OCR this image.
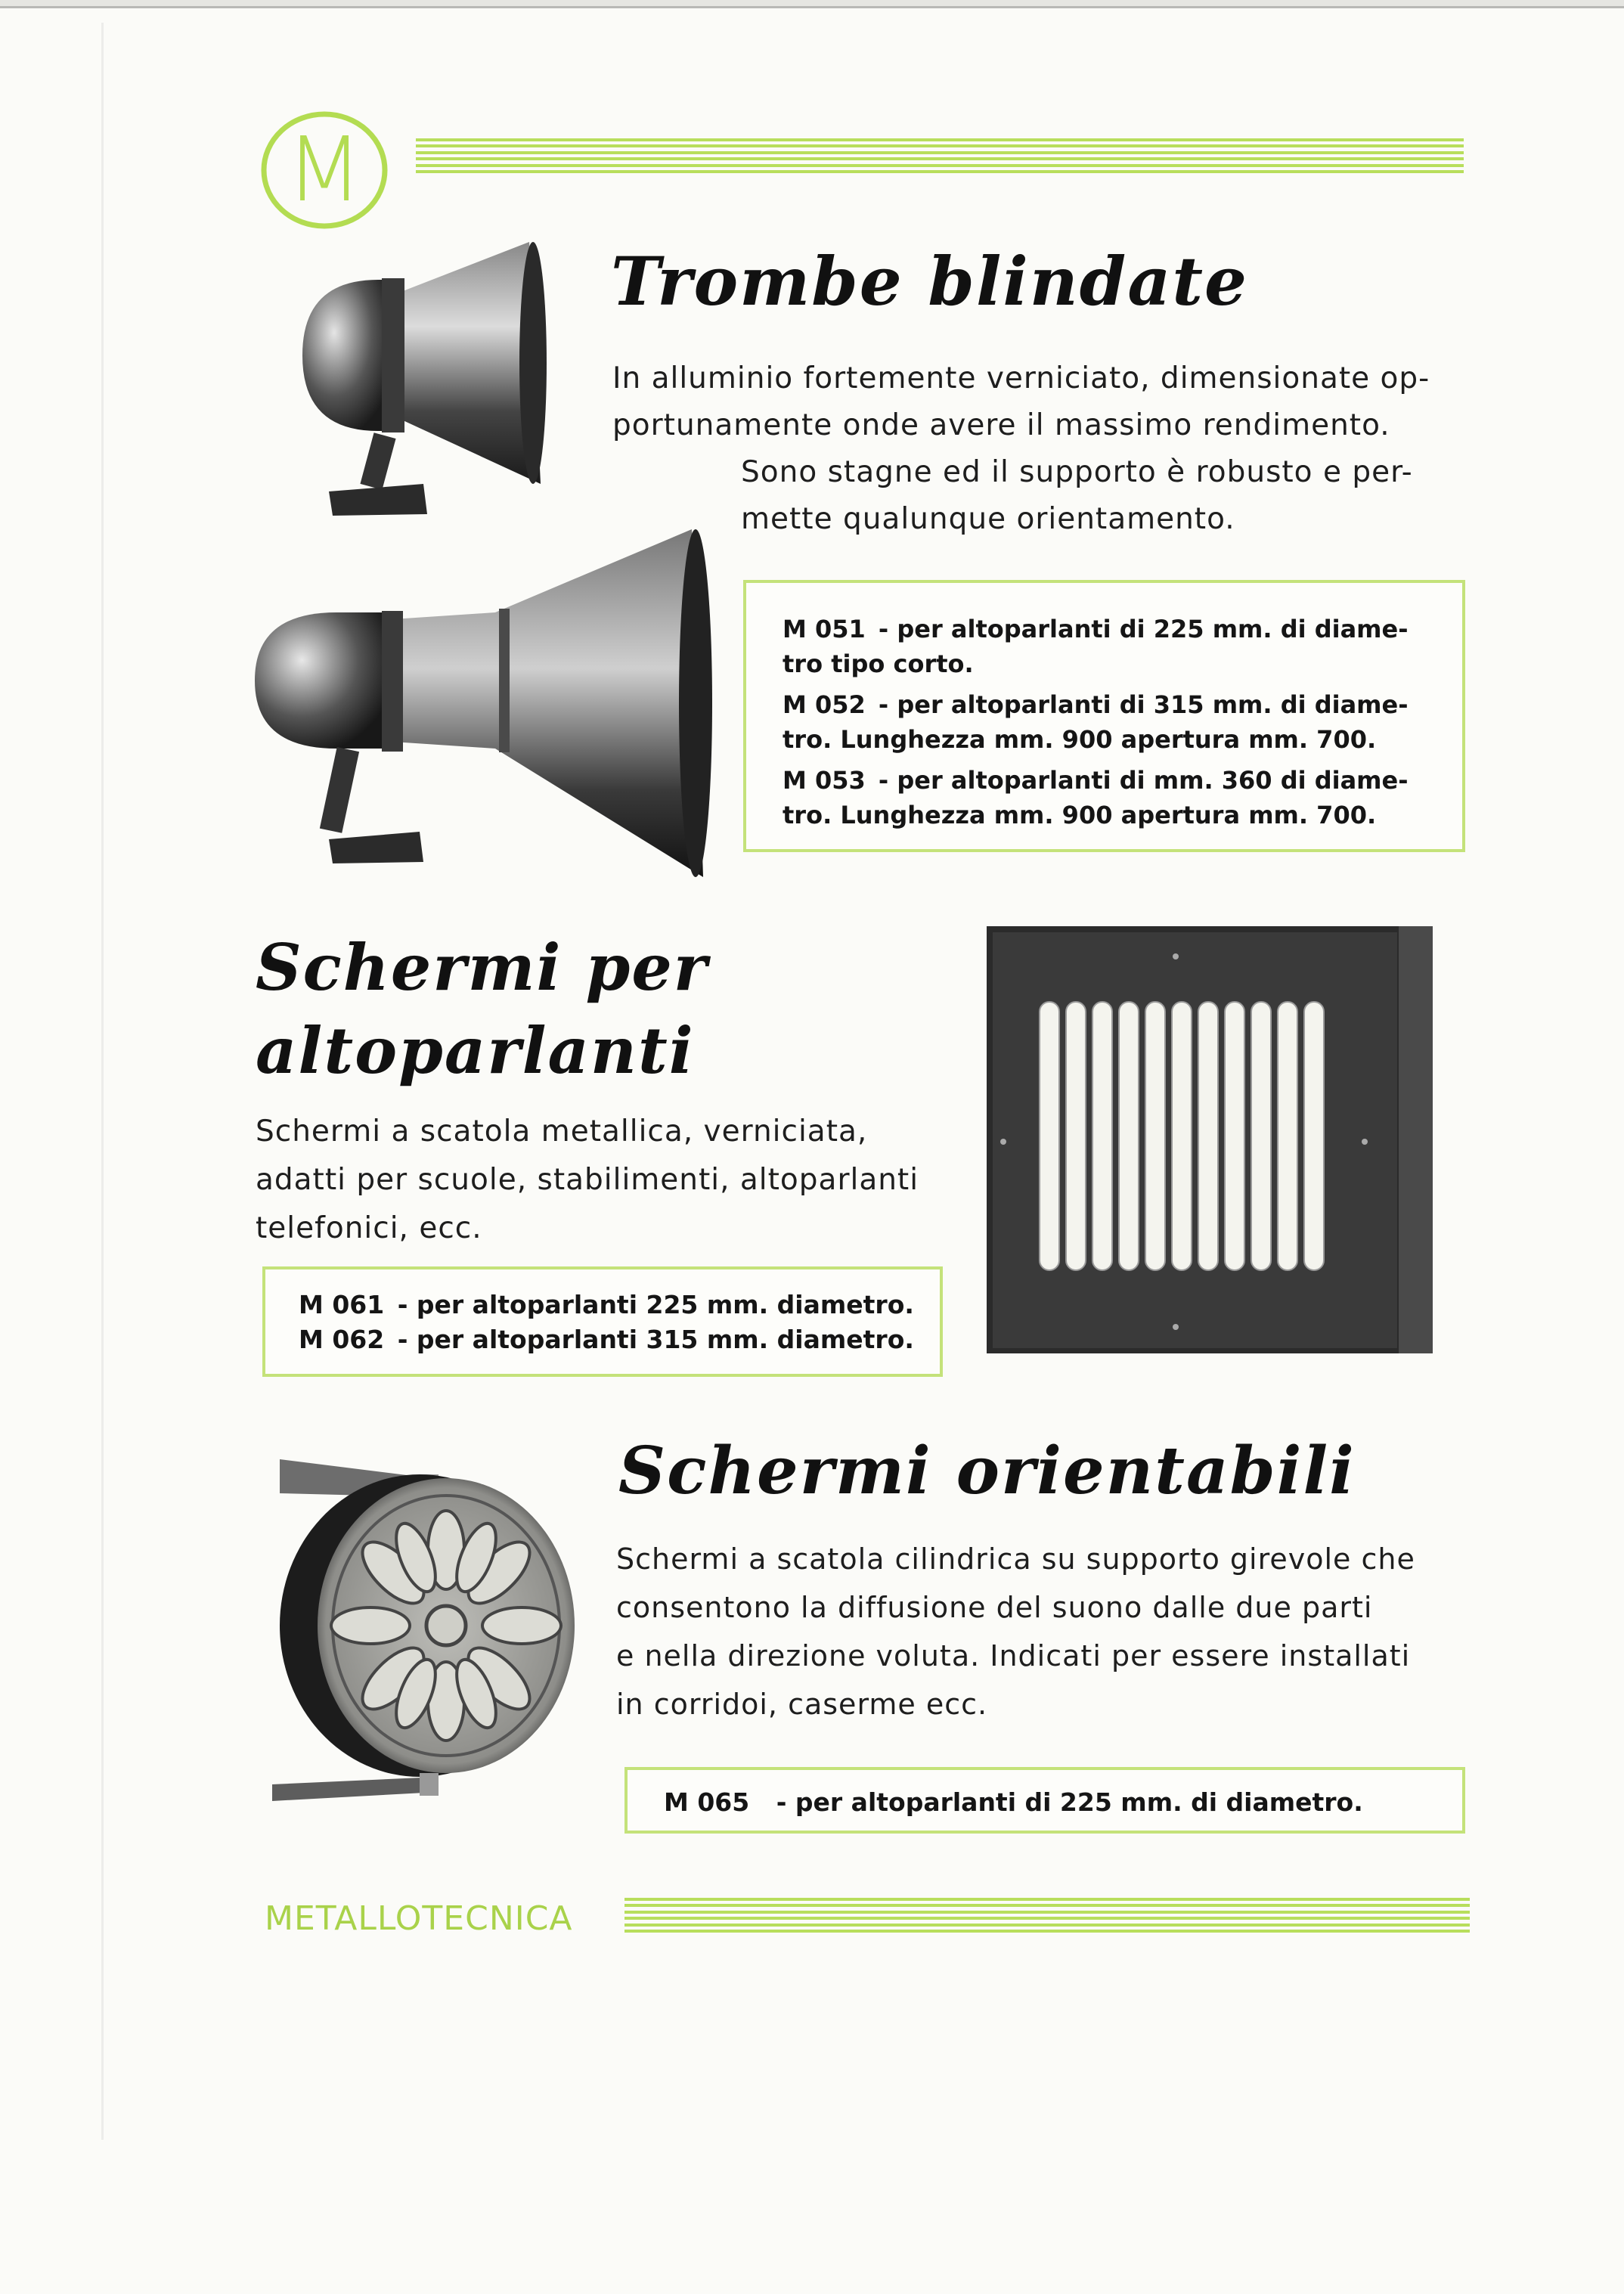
M
Trombe blindate
In alluminio fortemente verniciato, dimensionate op-
portunamente onde avere il massimo rendimento.
Sono stagne ed il supporto è robusto e per-
mette qualunque orientamento.
M 051 - per altoparlanti di 225 mm. di diame-
tro tipo corto.
M 052 - per altoparlanti di 315 mm. di diame-
tro. Lunghezza mm. 900 apertura mm. 700.
M 053 - per altoparlanti di mm. 360 di diame-
tro. Lunghezza mm. 900 apertura mm. 700.
Schermi per
altoparlanti
Schermi a scatola metallica, verniciata,
adatti per scuole, stabilimenti, altoparlanti
telefonici, ecc.
M 061 - per altoparlanti 225 mm. diametro.
M 062 - per altoparlanti 315 mm. diametro.
Schermi orientabili
Schermi a scatola cilindrica su supporto girevole che
consentono la diffusione del suono dalle due parti
e nella direzione voluta. Indicati per essere installati
in corridoi, caserme ecc.
M 065 - per altoparlanti di 225 mm. di diametro.
METALLOTECNICA
